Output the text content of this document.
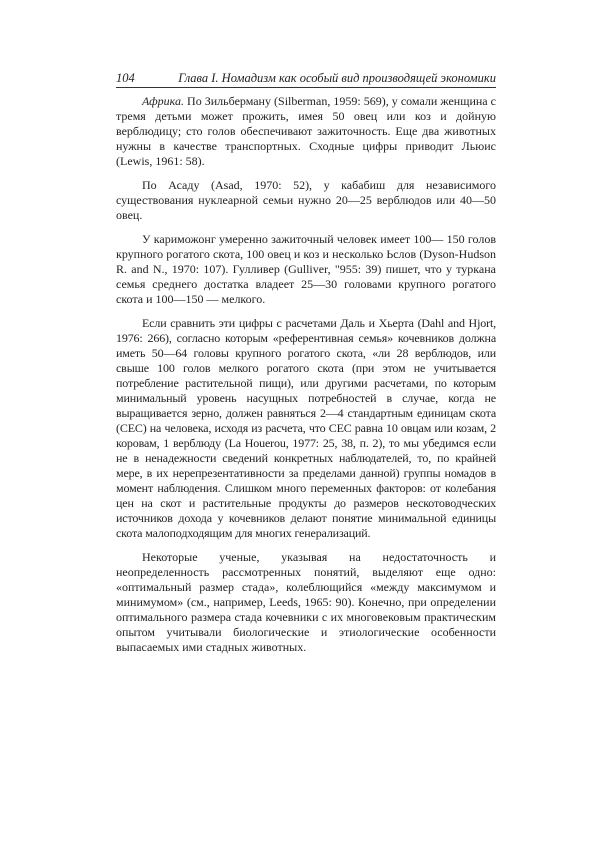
104	Глава I. Номадизм как особый вид производящей экономики

Африка. По Зильберману (Silberman, 1959: 569), у сомали женщина с тремя детьми может прожить, имея 50 овец или коз и дойную верблюдицу; сто голов обеспечивают зажиточность. Еще два животных нужны в качестве транспортных. Сходные цифры приводит Льюис (Lewis, 1961: 58).

По Асаду (Asad, 1970: 52), у кабабиш для независимого существования нуклеарной семьи нужно 20—25 верблюдов или 40—50 овец.

У кариможонг умеренно зажиточный человек имеет 100— 150 голов крупного рогатого скота, 100 овец и коз и несколько Ьслов (Dyson-Hudson R. and N., 1970: 107). Гулливер (Gulliver, "955: 39) пишет, что у туркана семья среднего достатка владеет 25—30 головами крупного рогатого скота и 100—150 — мелкого.

Если сравнить эти цифры с расчетами Даль и Хьерта (Dahl and Hjort, 1976: 266), согласно которым «референтивная семья» кочевников должна иметь 50—64 головы крупного рогатого скота, «ли 28 верблюдов, или свыше 100 голов мелкого рогатого скота (при этом не учитывается потребление растительной пищи), или другими расчетами, по которым минимальный уровень насущных потребностей в случае, когда не выращивается зерно, должен равняться 2—4 стандартным единицам скота (СЕС) на человека, исходя из расчета, что СЕС равна 10 овцам или козам, 2 коровам, 1 верблюду (La Houerou, 1977: 25, 38, п. 2), то мы убедимся если не в ненадежности сведений конкретных наблюдателей, то, по крайней мере, в их нерепрезентативности за пределами данной) группы номадов в момент наблюдения. Слишком много переменных факторов: от колебания цен на скот и растительные продукты до размеров нескотоводческих источников дохода у кочевников делают понятие минимальной единицы скота малоподходящим для многих генерализаций.

Некоторые ученые, указывая на недостаточность и неопределенность рассмотренных понятий, выделяют еще одно: «оптимальный размер стада», колеблющийся «между максимумом и минимумом» (см., например, Leeds, 1965: 90). Конечно, при определении оптимального размера стада кочевники с их многовековым практическим опытом учитывали биологические и этиологические особенности выпасаемых ими стадных животных.
